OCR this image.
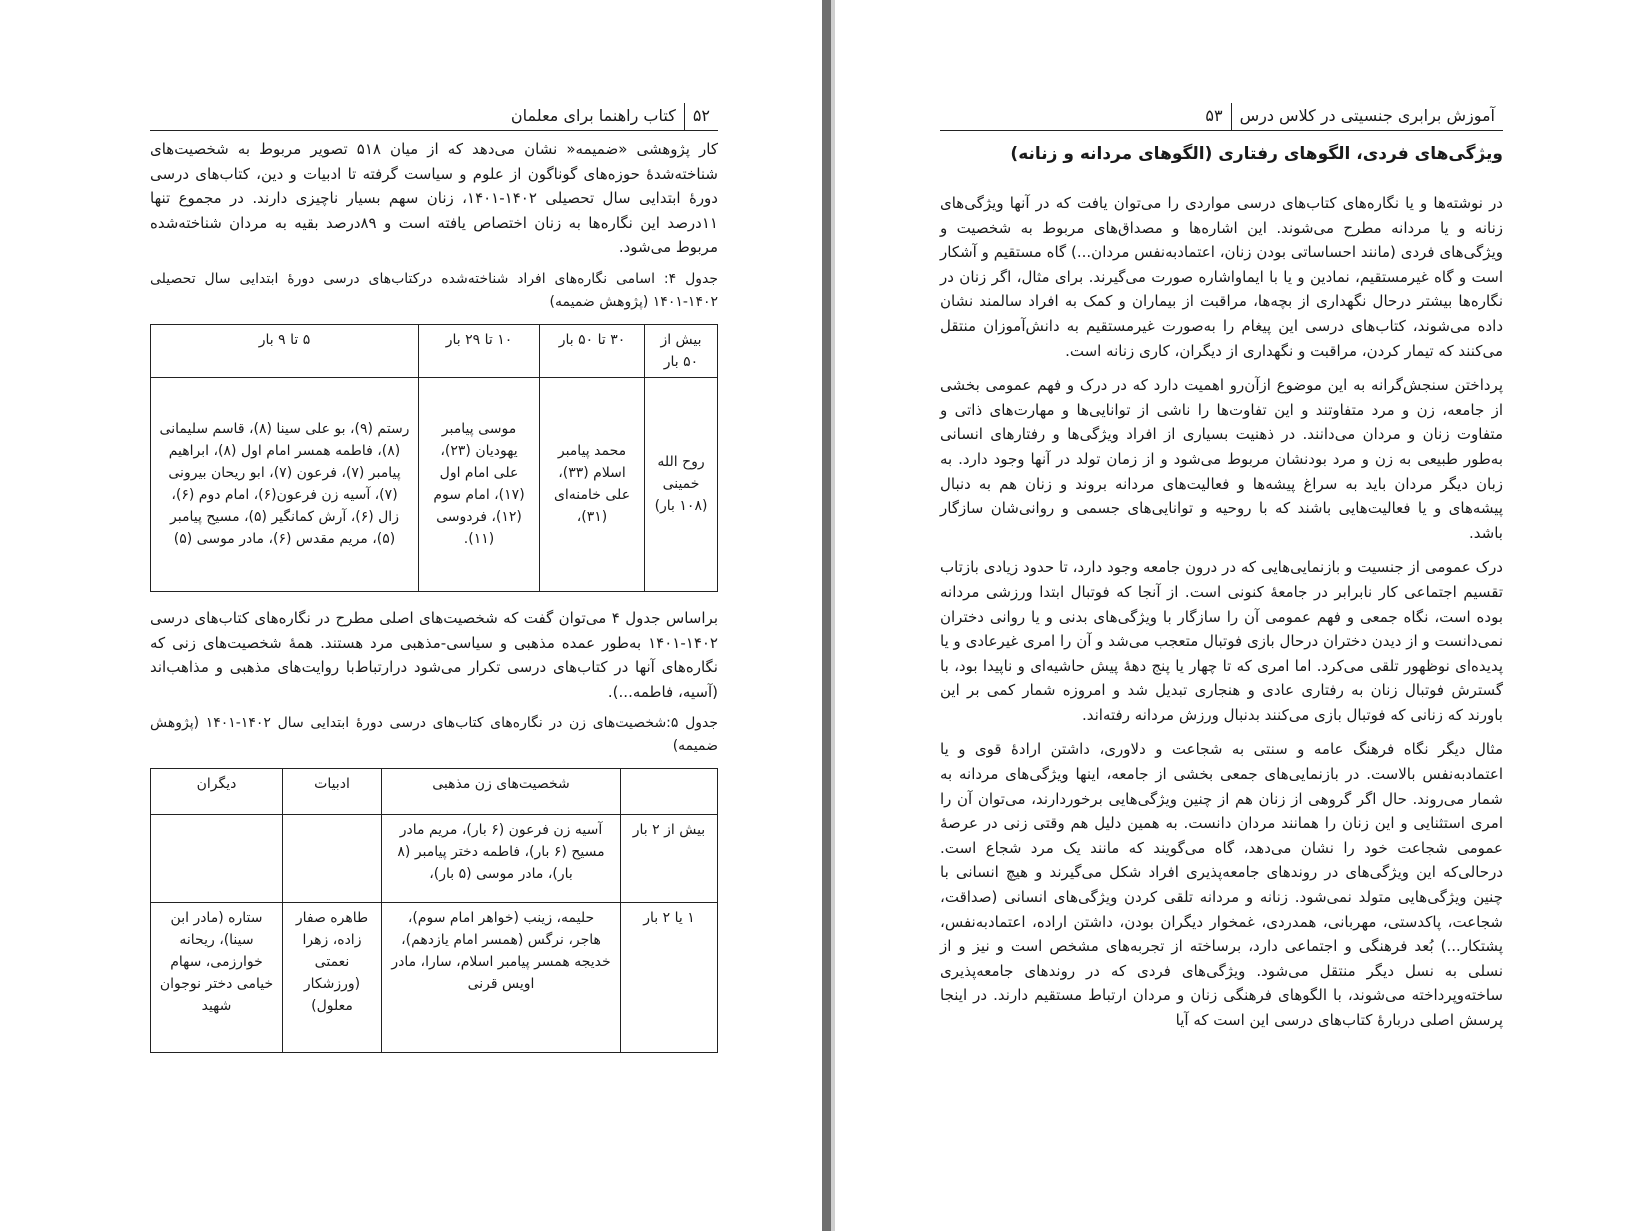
۵۲
کتاب راهنما برای معلمان

کار پژوهشی «ضمیمه« نشان می‌دهد که از میان ۵۱۸ تصویر مربوط به شخصیت‌های شناخته‌شدهٔ حوزه‌های گوناگون از علوم و سیاست گرفته تا ادبیات و دین، کتاب‌های درسی دورهٔ ابتدایی سال تحصیلی ۱۴۰۲-۱۴۰۱، زنان سهم بسیار ناچیزی دارند. در مجموع تنها ۱۱درصد این نگاره‌ها به زنان اختصاص یافته است و ۸۹درصد بقیه به مردان شناخته‌شده مربوط می‌شود.

جدول ۴: اسامی نگاره‌های افراد شناخته‌شده درکتاب‌های درسی دورهٔ ابتدایی سال تحصیلی ۱۴۰۲-۱۴۰۱ (پژوهش ضمیمه)

بیش از ۵۰ بار	۳۰ تا ۵۰ بار	۱۰ تا ۲۹ بار	۵ تا ۹ بار
روح الله خمینی (۱۰۸ بار)	محمد پیامبر اسلام (۳۳)، علی خامنه‌ای (۳۱)،	موسی پیامبر یهودیان (۲۳)، علی امام اول (۱۷)، امام سوم (۱۲)، فردوسی (۱۱).	رستم (۹)، بو علی سینا (۸)، قاسم سلیمانی (۸)، فاطمه همسر امام اول (۸)، ابراهیم پیامبر (۷)، فرعون (۷)، ابو ریحان بیرونی (۷)، آسیه زن فرعون(۶)، امام دوم (۶)، زال (۶)، آرش کمانگیر (۵)، مسیح پیامبر (۵)، مریم مقدس (۶)، مادر موسی (۵)

براساس جدول ۴ می‌توان گفت که شخصیت‌های اصلی مطرح در نگاره‌های کتاب‌های درسی ۱۴۰۲-۱۴۰۱ به‌طور عمده مذهبی و سیاسی-مذهبی مرد هستند. همهٔ شخصیت‌های زنی که نگاره‌های آنها در کتاب‌های درسی تکرار می‌شود درارتباط‌با روایت‌های مذهبی و مذاهب‌اند (آسیه، فاطمه...).

جدول ۵:شخصیت‌های زن در نگاره‌های کتاب‌های درسی دورهٔ ابتدایی سال ۱۴۰۲-۱۴۰۱ (پژوهش ضمیمه)

	شخصیت‌های زن مذهبی	ادبیات	دیگران
بیش از ۲ بار	آسیه زن فرعون (۶ بار)، مریم مادر مسیح (۶ بار)، فاطمه دختر پیامبر (۸ بار)، مادر موسی (۵ بار)،		
۱ یا ۲ بار	حلیمه، زینب (خواهر امام سوم)، هاجر، نرگس (همسر امام یازدهم)، خدیجه همسر پیامبر اسلام، سارا، مادر اویس قرنی	طاهره صفار زاده، زهرا نعمتی (ورزشکار معلول)	ستاره (مادر ابن سینا)، ریحانه خوارزمی، سهام خیامی دختر نوجوان شهید
۵۳	آموزش برابری جنسیتی در کلاس درس

ویژگی‌های فردی، الگوهای رفتاری (الگوهای مردانه و زنانه)

در نوشته‌ها و یا نگاره‌های کتاب‌های درسی مواردی را می‌توان یافت که در آنها ویژگی‌های زنانه و یا مردانه مطرح می‌شوند. این اشاره‌ها و مصداق‌های مربوط به شخصیت و ویژگی‌های فردی (مانند احساساتی بودن زنان، اعتمادبه‌نفس مردان...) گاه مستقیم و آشکار است و گاه غیرمستقیم، نمادین و یا با ایماواشاره صورت می‌گیرند. برای مثال، اگر زنان در نگاره‌ها بیشتر درحال نگهداری از بچه‌ها، مراقبت از بیماران و کمک به افراد سالمند نشان داده می‌شوند، کتاب‌های درسی این پیغام را به‌صورت غیرمستقیم به دانش‌آموزان منتقل می‌کنند که تیمار کردن، مراقبت و نگهداری از دیگران، کاری زنانه است.

پرداختن سنجش‌گرانه به این موضوع ازآن‌رو اهمیت دارد که در درک و فهم عمومی بخشی از جامعه، زن و مرد متفاوتند و این تفاوت‌ها را ناشی از توانایی‌ها و مهارت‌های ذاتی و متفاوت زنان و مردان می‌دانند. در ذهنیت بسیاری از افراد ویژگی‌ها و رفتارهای انسانی به‌طور طبیعی به زن و مرد بودنشان مربوط می‌شود و از زمان تولد در آنها وجود دارد. به زبان دیگر مردان باید به سراغ پیشه‌ها و فعالیت‌های مردانه بروند و زنان هم به دنبال پیشه‌های و یا فعالیت‌هایی باشند که با روحیه و توانایی‌های جسمی و روانی‌شان سازگار باشد.

درک عمومی از جنسیت و بازنمایی‌هایی که در درون جامعه وجود دارد، تا حدود زیادی بازتاب تقسیم اجتماعی کار نابرابر در جامعهٔ کنونی است. از آنجا که فوتبال ابتدا ورزشی مردانه بوده است، نگاه جمعی و فهم عمومی آن را سازگار با ویژگی‌های بدنی و یا روانی دختران نمی‌دانست و از دیدن دختران درحال بازی فوتبال متعجب می‌شد و آن را امری غیرعادی و یا پدیده‌ای نوظهور تلقی می‌کرد. اما امری که تا چهار یا پنج دههٔ پیش حاشیه‌ای و ناپیدا بود، با گسترش فوتبال زنان به رفتاری عادی و هنجاری تبدیل شد و امروزه شمار کمی بر این باورند که زنانی که فوتبال بازی می‌کنند بدنبال ورزش مردانه رفته‌اند.

مثال دیگر نگاه فرهنگ عامه و سنتی به شجاعت و دلاوری، داشتن ارادهٔ قوی و یا اعتمادبه‌نفس بالاست. در بازنمایی‌های جمعی بخشی از جامعه، اینها ویژگی‌های مردانه به شمار می‌روند. حال اگر گروهی از زنان هم از چنین ویژگی‌هایی برخوردارند، می‌توان آن را امری استثنایی و این زنان را همانند مردان دانست. به همین دلیل هم وقتی زنی در عرصهٔ عمومی شجاعت خود را نشان می‌دهد، گاه می‌گویند که مانند یک مرد شجاع است. درحالی‌که این ویژگی‌های در روندهای جامعه‌پذیری افراد شکل می‌گیرند و هیچ انسانی با چنین ویژگی‌هایی متولد نمی‌شود. زنانه و مردانه تلقی کردن ویژگی‌های انسانی (صداقت، شجاعت، پاکدستی، مهربانی، همدردی، غمخوار دیگران بودن، داشتن اراده، اعتمادبه‌نفس، پشتکار...) بُعد فرهنگی و اجتماعی دارد، برساخته از تجربه‌های مشخص است و نیز و از نسلی به نسل دیگر منتقل می‌شود. ویژگی‌های فردی که در روندهای جامعه‌پذیری ساخته‌وپرداخته می‌شوند، با الگوهای فرهنگی زنان و مردان ارتباط مستقیم دارند. در اینجا پرسش اصلی دربارهٔ کتاب‌های درسی این است که آیا
